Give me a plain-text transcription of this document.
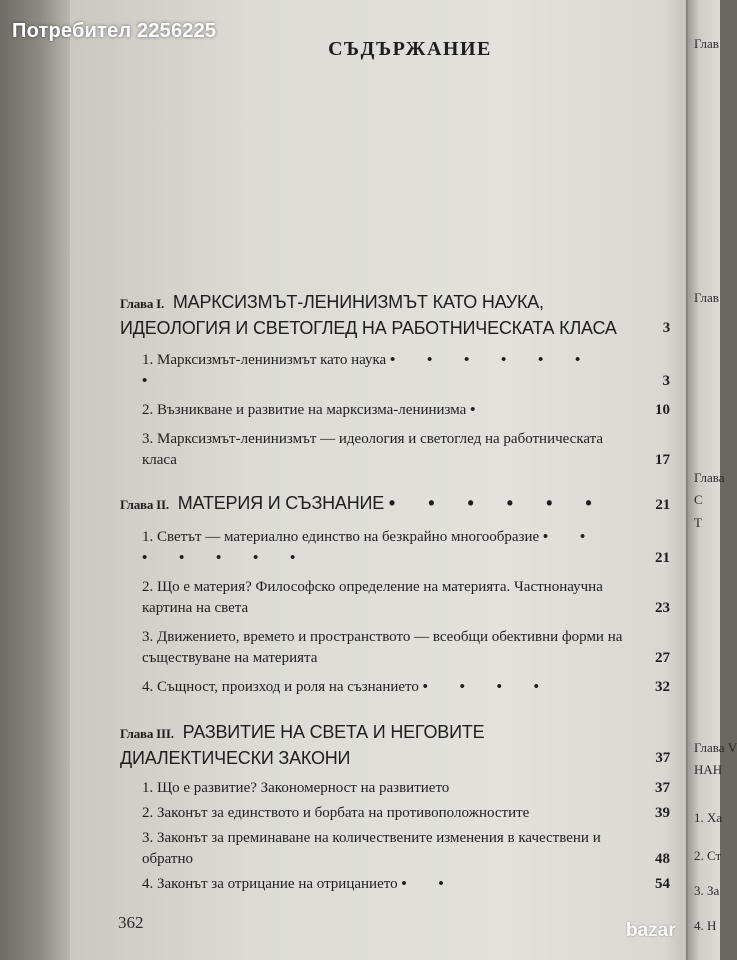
Глав
Глав
Глава
С
Т
Глава V
НАН
1. Ха
2. Ст
3. За
4. Н
Потребител 2256225
bazar
СЪДЪРЖАНИЕ
Глава I. МАРКСИЗМЪТ-ЛЕНИНИЗМЪТ КАТО НАУКА, ИДЕОЛОГИЯ И СВЕТОГЛЕД НА РАБОТНИЧЕСКАТА КЛАСА	3
1. Марксизмът-ленинизмът като наука • • • • • • •	3
2. Възникване и развитие на марксизма-ленинизма •	10
3. Марксизмът-ленинизмът — идеология и светоглед на работническата класа	17
Глава II. МАТЕРИЯ И СЪЗНАНИЕ • • • • • •	21
1. Светът — материално единство на безкрайно многообразие • • • • • • •	21
2. Що е материя? Философско определение на материята. Частнонаучна картина на света	23
3. Движението, времето и пространството — всеобщи обективни форми на съществуване на материята	27
4. Същност, произход и роля на съзнанието • • • •	32
Глава III. РАЗВИТИЕ НА СВЕТА И НЕГОВИТЕ ДИАЛЕКТИЧЕСКИ ЗАКОНИ	37
1. Що е развитие? Закономерност на развитието	37
2. Законът за единството и борбата на противоположностите	39
3. Законът за преминаване на количествените изменения в качествени и обратно	48
4. Законът за отрицание на отрицанието • •	54
362
